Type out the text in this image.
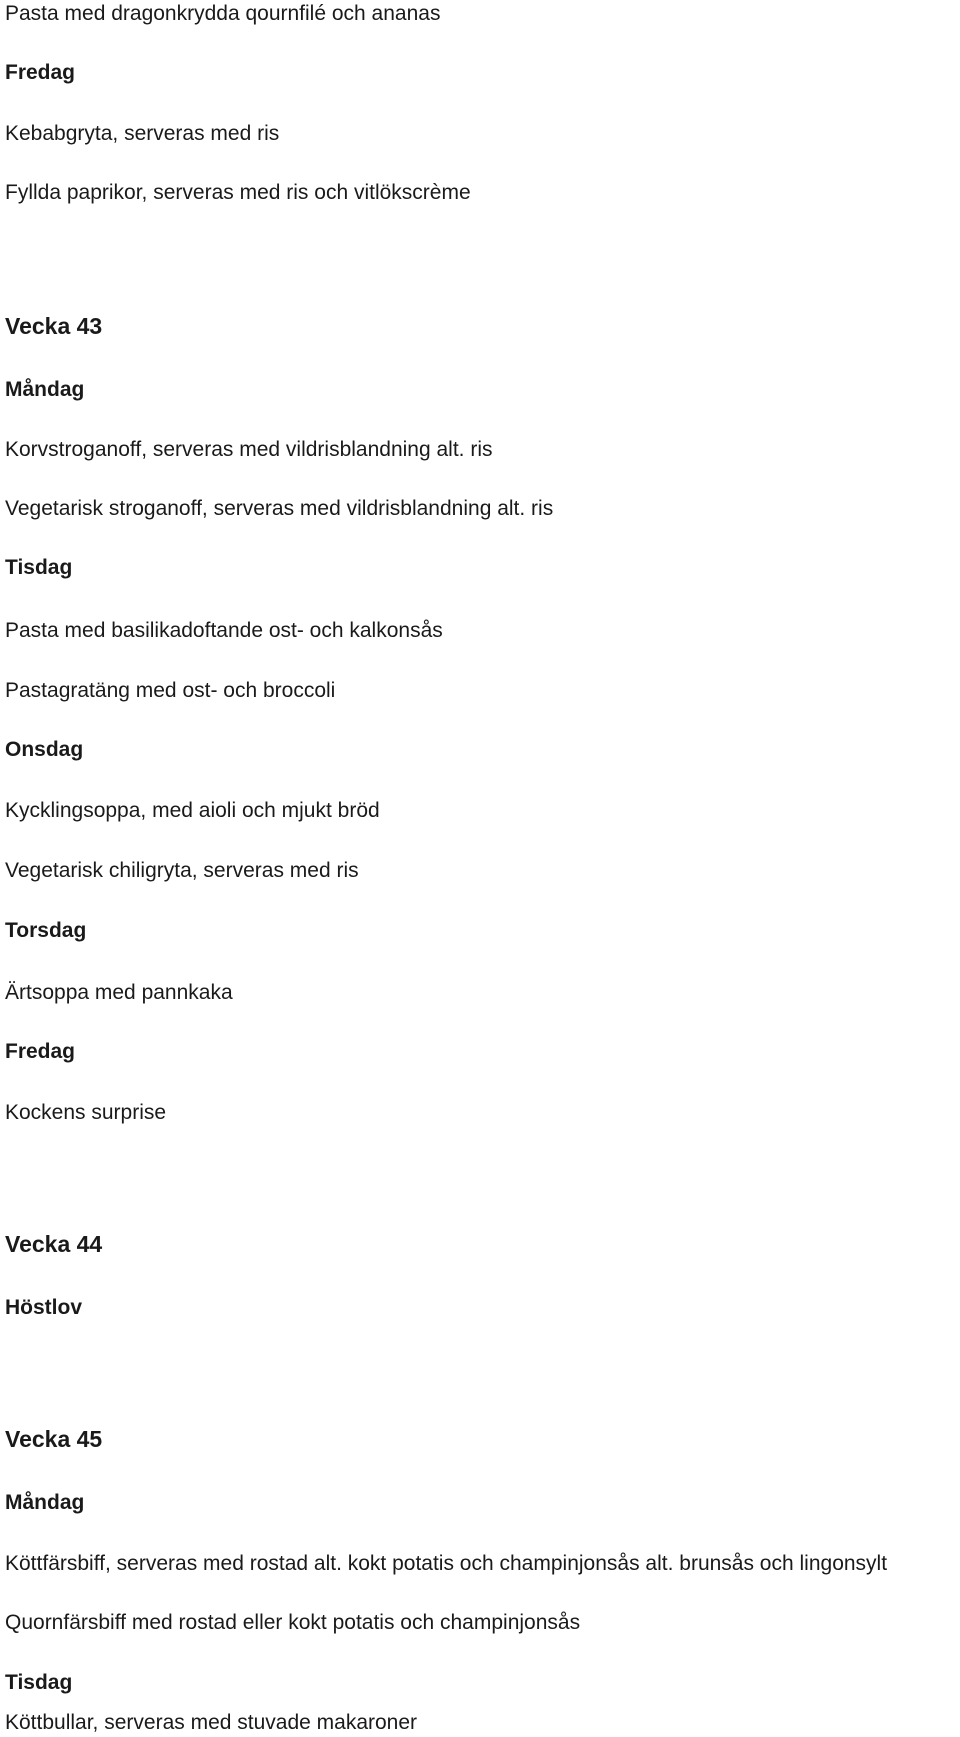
Pasta med dragonkrydda qournfilé och ananas
Fredag
Kebabgryta, serveras med ris
Fyllda paprikor, serveras med ris och vitlökscrème
Vecka 43
Måndag
Korvstroganoff, serveras med vildrisblandning alt. ris
Vegetarisk stroganoff, serveras med vildrisblandning alt. ris
Tisdag
Pasta med basilikadoftande ost- och kalkonsås
Pastagratäng med ost- och broccoli
Onsdag
Kycklingsoppa, med aioli och mjukt bröd
Vegetarisk chiligryta, serveras med ris
Torsdag
Ärtsoppa med pannkaka
Fredag
Kockens surprise
Vecka 44
Höstlov
Vecka 45
Måndag
Köttfärsbiff, serveras med rostad alt. kokt potatis och champinjonsås alt. brunsås och lingonsylt
Quornfärsbiff med rostad eller kokt potatis och champinjonsås
Tisdag
Köttbullar, serveras med stuvade makaroner
